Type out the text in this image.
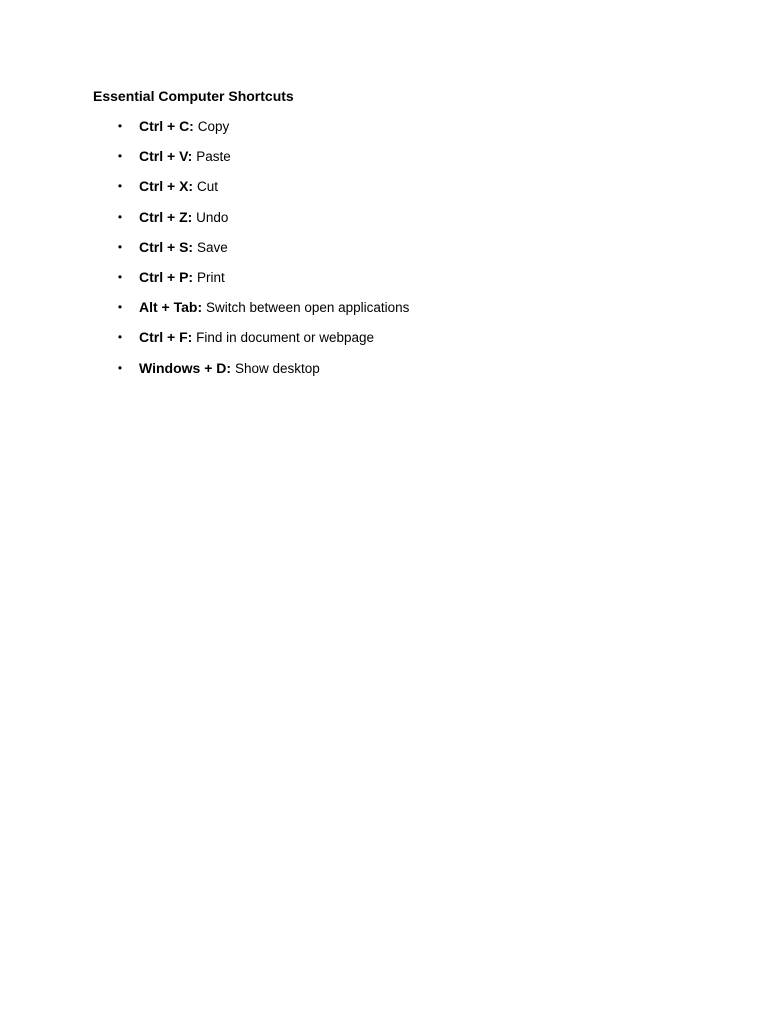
Essential Computer Shortcuts
• Ctrl + C: Copy
• Ctrl + V: Paste
• Ctrl + X: Cut
• Ctrl + Z: Undo
• Ctrl + S: Save
• Ctrl + P: Print
• Alt + Tab: Switch between open applications
• Ctrl + F: Find in document or webpage
• Windows + D: Show desktop
